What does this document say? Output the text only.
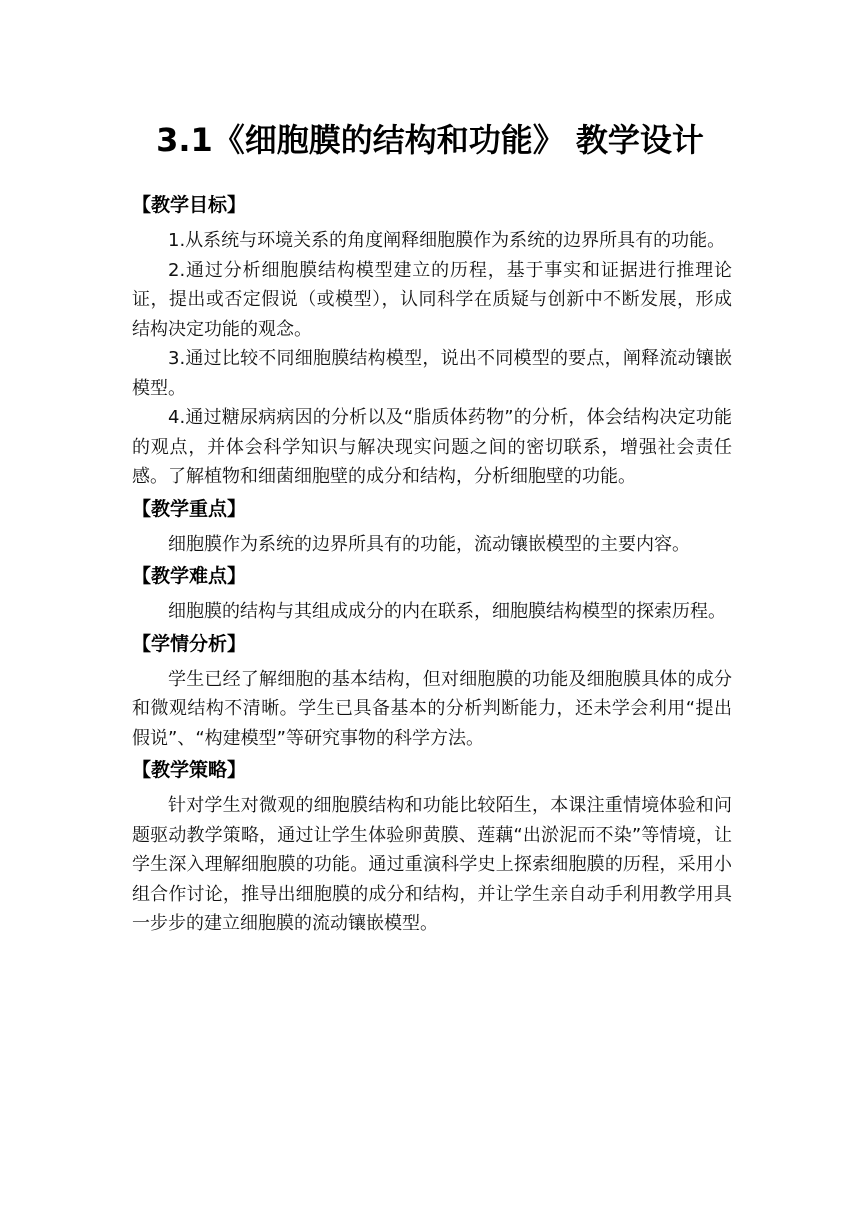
3.1《细胞膜的结构和功能》 教学设计
【教学目标】

1.从系统与环境关系的角度阐释细胞膜作为系统的边界所具有的功能。

2.通过分析细胞膜结构模型建立的历程，基于事实和证据进行推理论证，提出或否定假说（或模型），认同科学在质疑与创新中不断发展，形成结构决定功能的观念。

3.通过比较不同细胞膜结构模型，说出不同模型的要点，阐释流动镶嵌模型。

4.通过糖尿病病因的分析以及“脂质体药物”的分析，体会结构决定功能的观点，并体会科学知识与解决现实问题之间的密切联系，增强社会责任感。了解植物和细菌细胞壁的成分和结构，分析细胞壁的功能。

【教学重点】

细胞膜作为系统的边界所具有的功能，流动镶嵌模型的主要内容。

【教学难点】

细胞膜的结构与其组成成分的内在联系，细胞膜结构模型的探索历程。

【学情分析】

学生已经了解细胞的基本结构，但对细胞膜的功能及细胞膜具体的成分和微观结构不清晰。学生已具备基本的分析判断能力，还未学会利用“提出假说”、“构建模型”等研究事物的科学方法。

【教学策略】

针对学生对微观的细胞膜结构和功能比较陌生，本课注重情境体验和问题驱动教学策略，通过让学生体验卵黄膜、莲藕“出淤泥而不染”等情境，让学生深入理解细胞膜的功能。通过重演科学史上探索细胞膜的历程，采用小组合作讨论，推导出细胞膜的成分和结构，并让学生亲自动手利用教学用具一步步的建立细胞膜的流动镶嵌模型。
